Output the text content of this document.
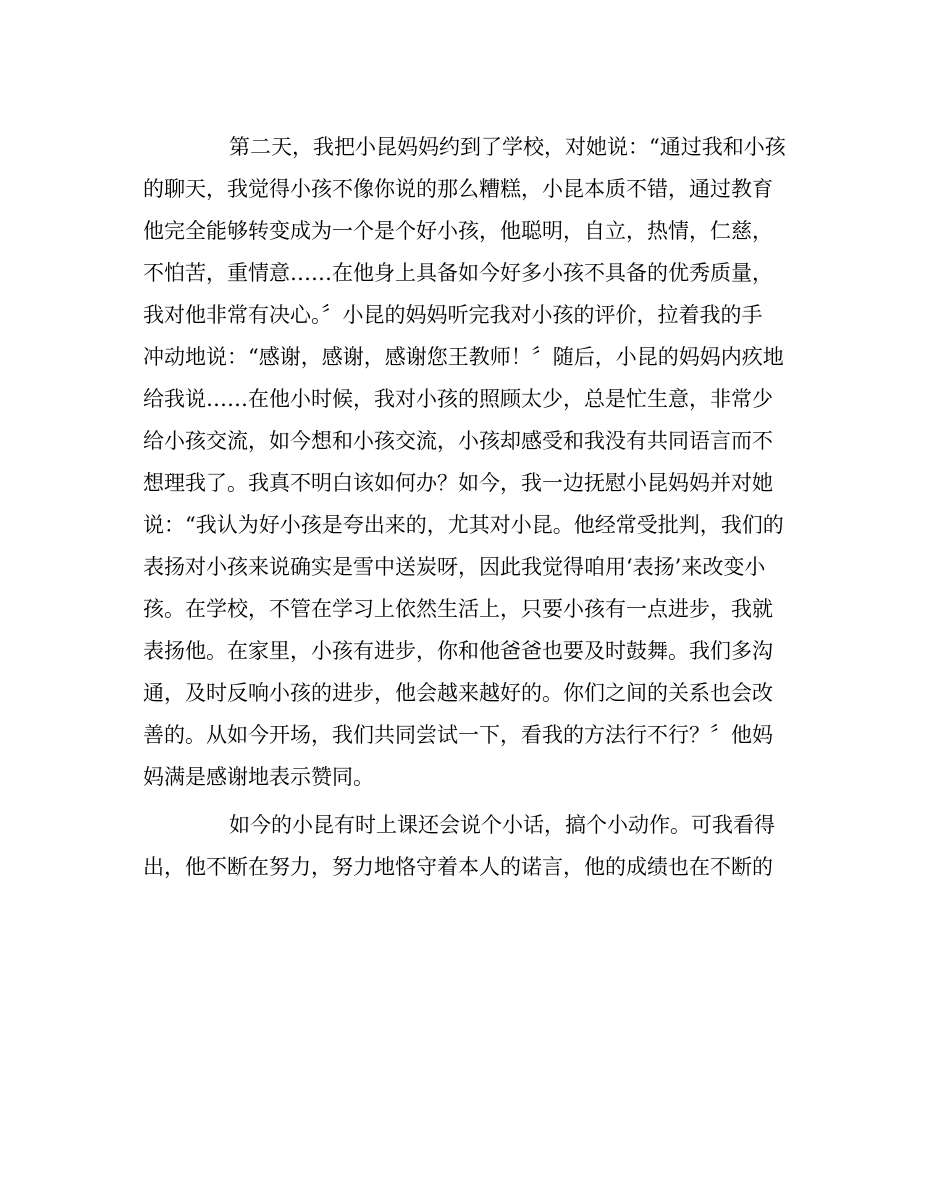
第二天，我把小昆妈妈约到了学校，对她说：“通过我和小孩
的聊天，我觉得小孩不像你说的那么糟糕，小昆本质不错，通过教育
他完全能够转变成为一个是个好小孩，他聪明，自立，热情，仁慈，
不怕苦，重情意……在他身上具备如今好多小孩不具备的优秀质量，
我对他非常有决心。〞小昆的妈妈听完我对小孩的评价，拉着我的手
冲动地说：“感谢，感谢，感谢您王教师！〞随后，小昆的妈妈内疚地
给我说……在他小时候，我对小孩的照顾太少，总是忙生意，非常少
给小孩交流，如今想和小孩交流，小孩却感受和我没有共同语言而不
想理我了。我真不明白该如何办？如今，我一边抚慰小昆妈妈并对她
说：“我认为好小孩是夸出来的，尤其对小昆。他经常受批判，我们的
表扬对小孩来说确实是雪中送炭呀，因此我觉得咱用‘表扬’来改变小
孩。在学校，不管在学习上依然生活上，只要小孩有一点进步，我就
表扬他。在家里，小孩有进步，你和他爸爸也要及时鼓舞。我们多沟
通，及时反响小孩的进步，他会越来越好的。你们之间的关系也会改
善的。从如今开场，我们共同尝试一下，看我的方法行不行？〞他妈
妈满是感谢地表示赞同。
如今的小昆有时上课还会说个小话，搞个小动作。可我看得
出，他不断在努力，努力地恪守着本人的诺言，他的成绩也在不断的
